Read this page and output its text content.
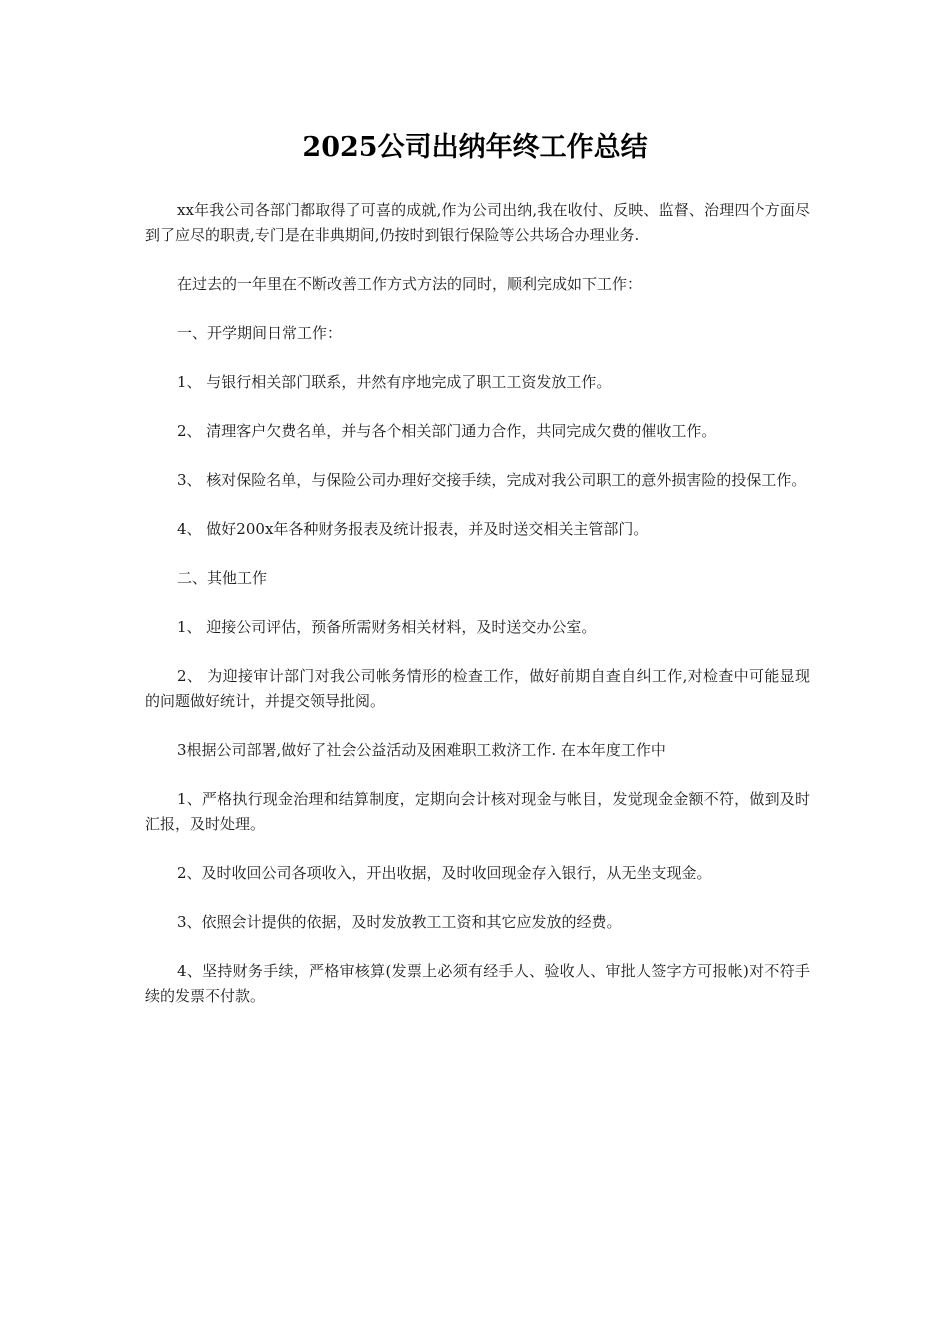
2025公司出纳年终工作总结

xx年我公司各部门都取得了可喜的成就,作为公司出纳,我在收付、反映、监督、治理四个方面尽到了应尽的职责,专门是在非典期间,仍按时到银行保险等公共场合办理业务.

在过去的一年里在不断改善工作方式方法的同时，顺利完成如下工作：

一、开学期间日常工作：

1、 与银行相关部门联系，井然有序地完成了职工工资发放工作。

2、 清理客户欠费名单，并与各个相关部门通力合作，共同完成欠费的催收工作。

3、 核对保险名单，与保险公司办理好交接手续，完成对我公司职工的意外损害险的投保工作。

4、 做好200x年各种财务报表及统计报表，并及时送交相关主管部门。

二、其他工作

1、 迎接公司评估，预备所需财务相关材料，及时送交办公室。

2、 为迎接审计部门对我公司帐务情形的检查工作，做好前期自查自纠工作,对检查中可能显现的问题做好统计，并提交领导批阅。

3根据公司部署,做好了社会公益活动及困难职工救济工作. 在本年度工作中

1、严格执行现金治理和结算制度，定期向会计核对现金与帐目，发觉现金金额不符，做到及时汇报，及时处理。

2、及时收回公司各项收入，开出收据，及时收回现金存入银行，从无坐支现金。

3、依照会计提供的依据，及时发放教工工资和其它应发放的经费。

4、坚持财务手续，严格审核算(发票上必须有经手人、验收人、审批人签字方可报帐)对不符手续的发票不付款。
